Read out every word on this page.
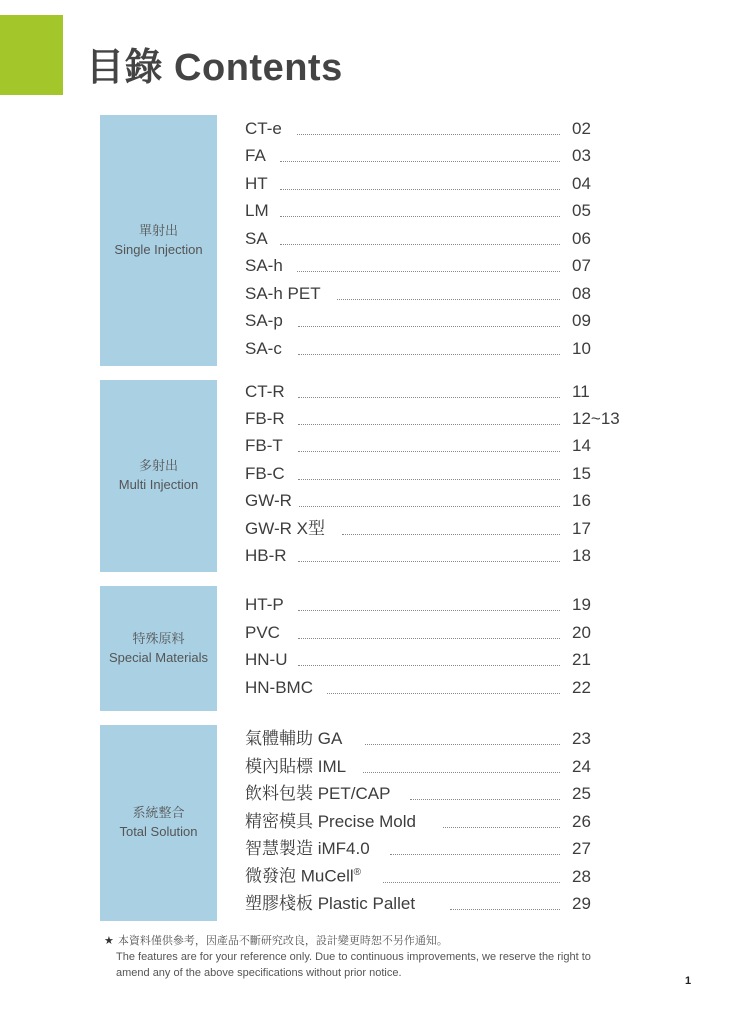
目錄 Contents
單射出
Single Injection
CT-e	02
FA	03
HT	04
LM	05
SA	06
SA-h	07
SA-h PET	08
SA-p	09
SA-c	10
多射出
Multi Injection
CT-R	11
FB-R	12~13
FB-T	14
FB-C	15
GW-R	16
GW-R X型	17
HB-R	18
特殊原料
Special Materials
HT-P	19
PVC	20
HN-U	21
HN-BMC	22
系統整合
Total Solution
氣體輔助 GA	23
模內貼標 IML	24
飲料包裝 PET/CAP	25
精密模具 Precise Mold	26
智慧製造 iMF4.0	27
微發泡 MuCell®	28
塑膠棧板 Plastic Pallet	29

★ 本資料僅供參考，因產品不斷研究改良，設計變更時恕不另作通知。

The features are for your reference only. Due to continuous improvements, we reserve the right to

amend any of the above specifications without prior notice.

1
